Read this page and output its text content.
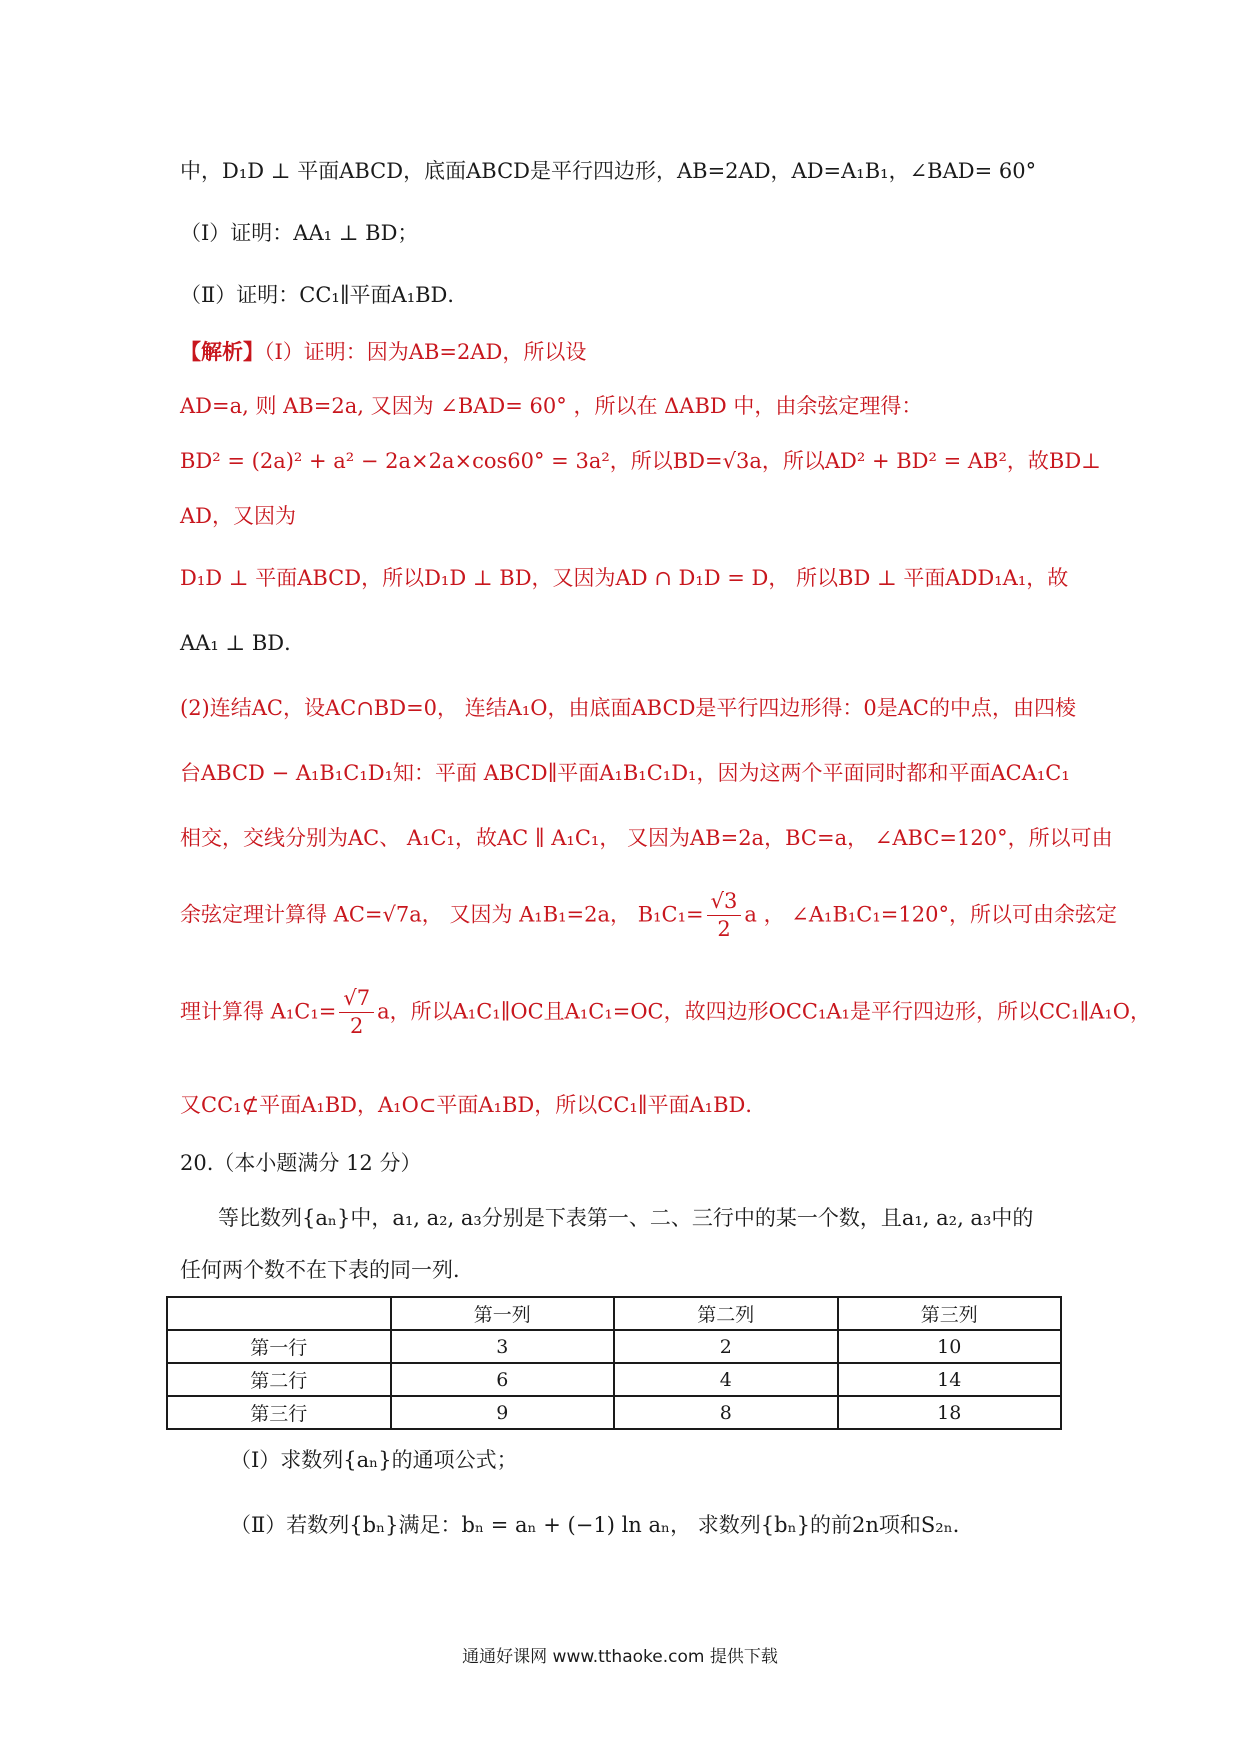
中，D₁D ⊥ 平面ABCD，底面ABCD是平行四边形，AB=2AD，AD=A₁B₁，∠BAD= 60°
（Ⅰ）证明：AA₁ ⊥ BD；
（Ⅱ）证明：CC₁∥平面A₁BD．
【解析】（Ⅰ）证明：因为AB=2AD，所以设
AD=a, 则 AB=2a, 又因为 ∠BAD= 60° ，所以在 ΔABD 中，由余弦定理得：
BD² = (2a)² + a² − 2a×2a×cos60° = 3a²，所以BD=√3a，所以AD² + BD² = AB²，故BD⊥
AD，又因为
D₁D ⊥ 平面ABCD，所以D₁D ⊥ BD，又因为AD ∩ D₁D = D， 所以BD ⊥ 平面ADD₁A₁，故
AA₁ ⊥ BD．
(2)连结AC，设AC∩BD=0， 连结A₁O，由底面ABCD是平行四边形得：0是AC的中点，由四棱
台ABCD − A₁B₁C₁D₁知：平面 ABCD∥平面A₁B₁C₁D₁，因为这两个平面同时都和平面ACA₁C₁
相交，交线分别为AC、 A₁C₁，故AC ∥ A₁C₁， 又因为AB=2a，BC=a， ∠ABC=120°，所以可由
余弦定理计算得 AC=√7a， 又因为 A₁B₁=2a， $B_1C_1= \frac{√3}{2}$ a ， ∠A₁B₁C₁=120°，所以可由余弦定
理计算得 $A_1C_1= \frac{√7}{2}$ a，所以A₁C₁∥OC且A₁C₁=OC，故四边形OCC₁A₁是平行四边形，所以CC₁∥A₁O，
又CC₁⊄平面A₁BD，A₁O⊂平面A₁BD，所以CC₁∥平面A₁BD．
20.（本小题满分 12 分）
等比数列{aₙ}中，a₁, a₂, a₃分别是下表第一、二、三行中的某一个数，且a₁, a₂, a₃中的
任何两个数不在下表的同一列．
	第一列	第二列	第三列
第一行	3	2	10
第二行	6	4	14
第三行	9	8	18
（Ⅰ）求数列{aₙ}的通项公式；
（Ⅱ）若数列{bₙ}满足：bₙ = aₙ + (−1) ln aₙ， 求数列{bₙ}的前2n项和S₂ₙ．
通通好课网 www.tthaoke.com 提供下载
